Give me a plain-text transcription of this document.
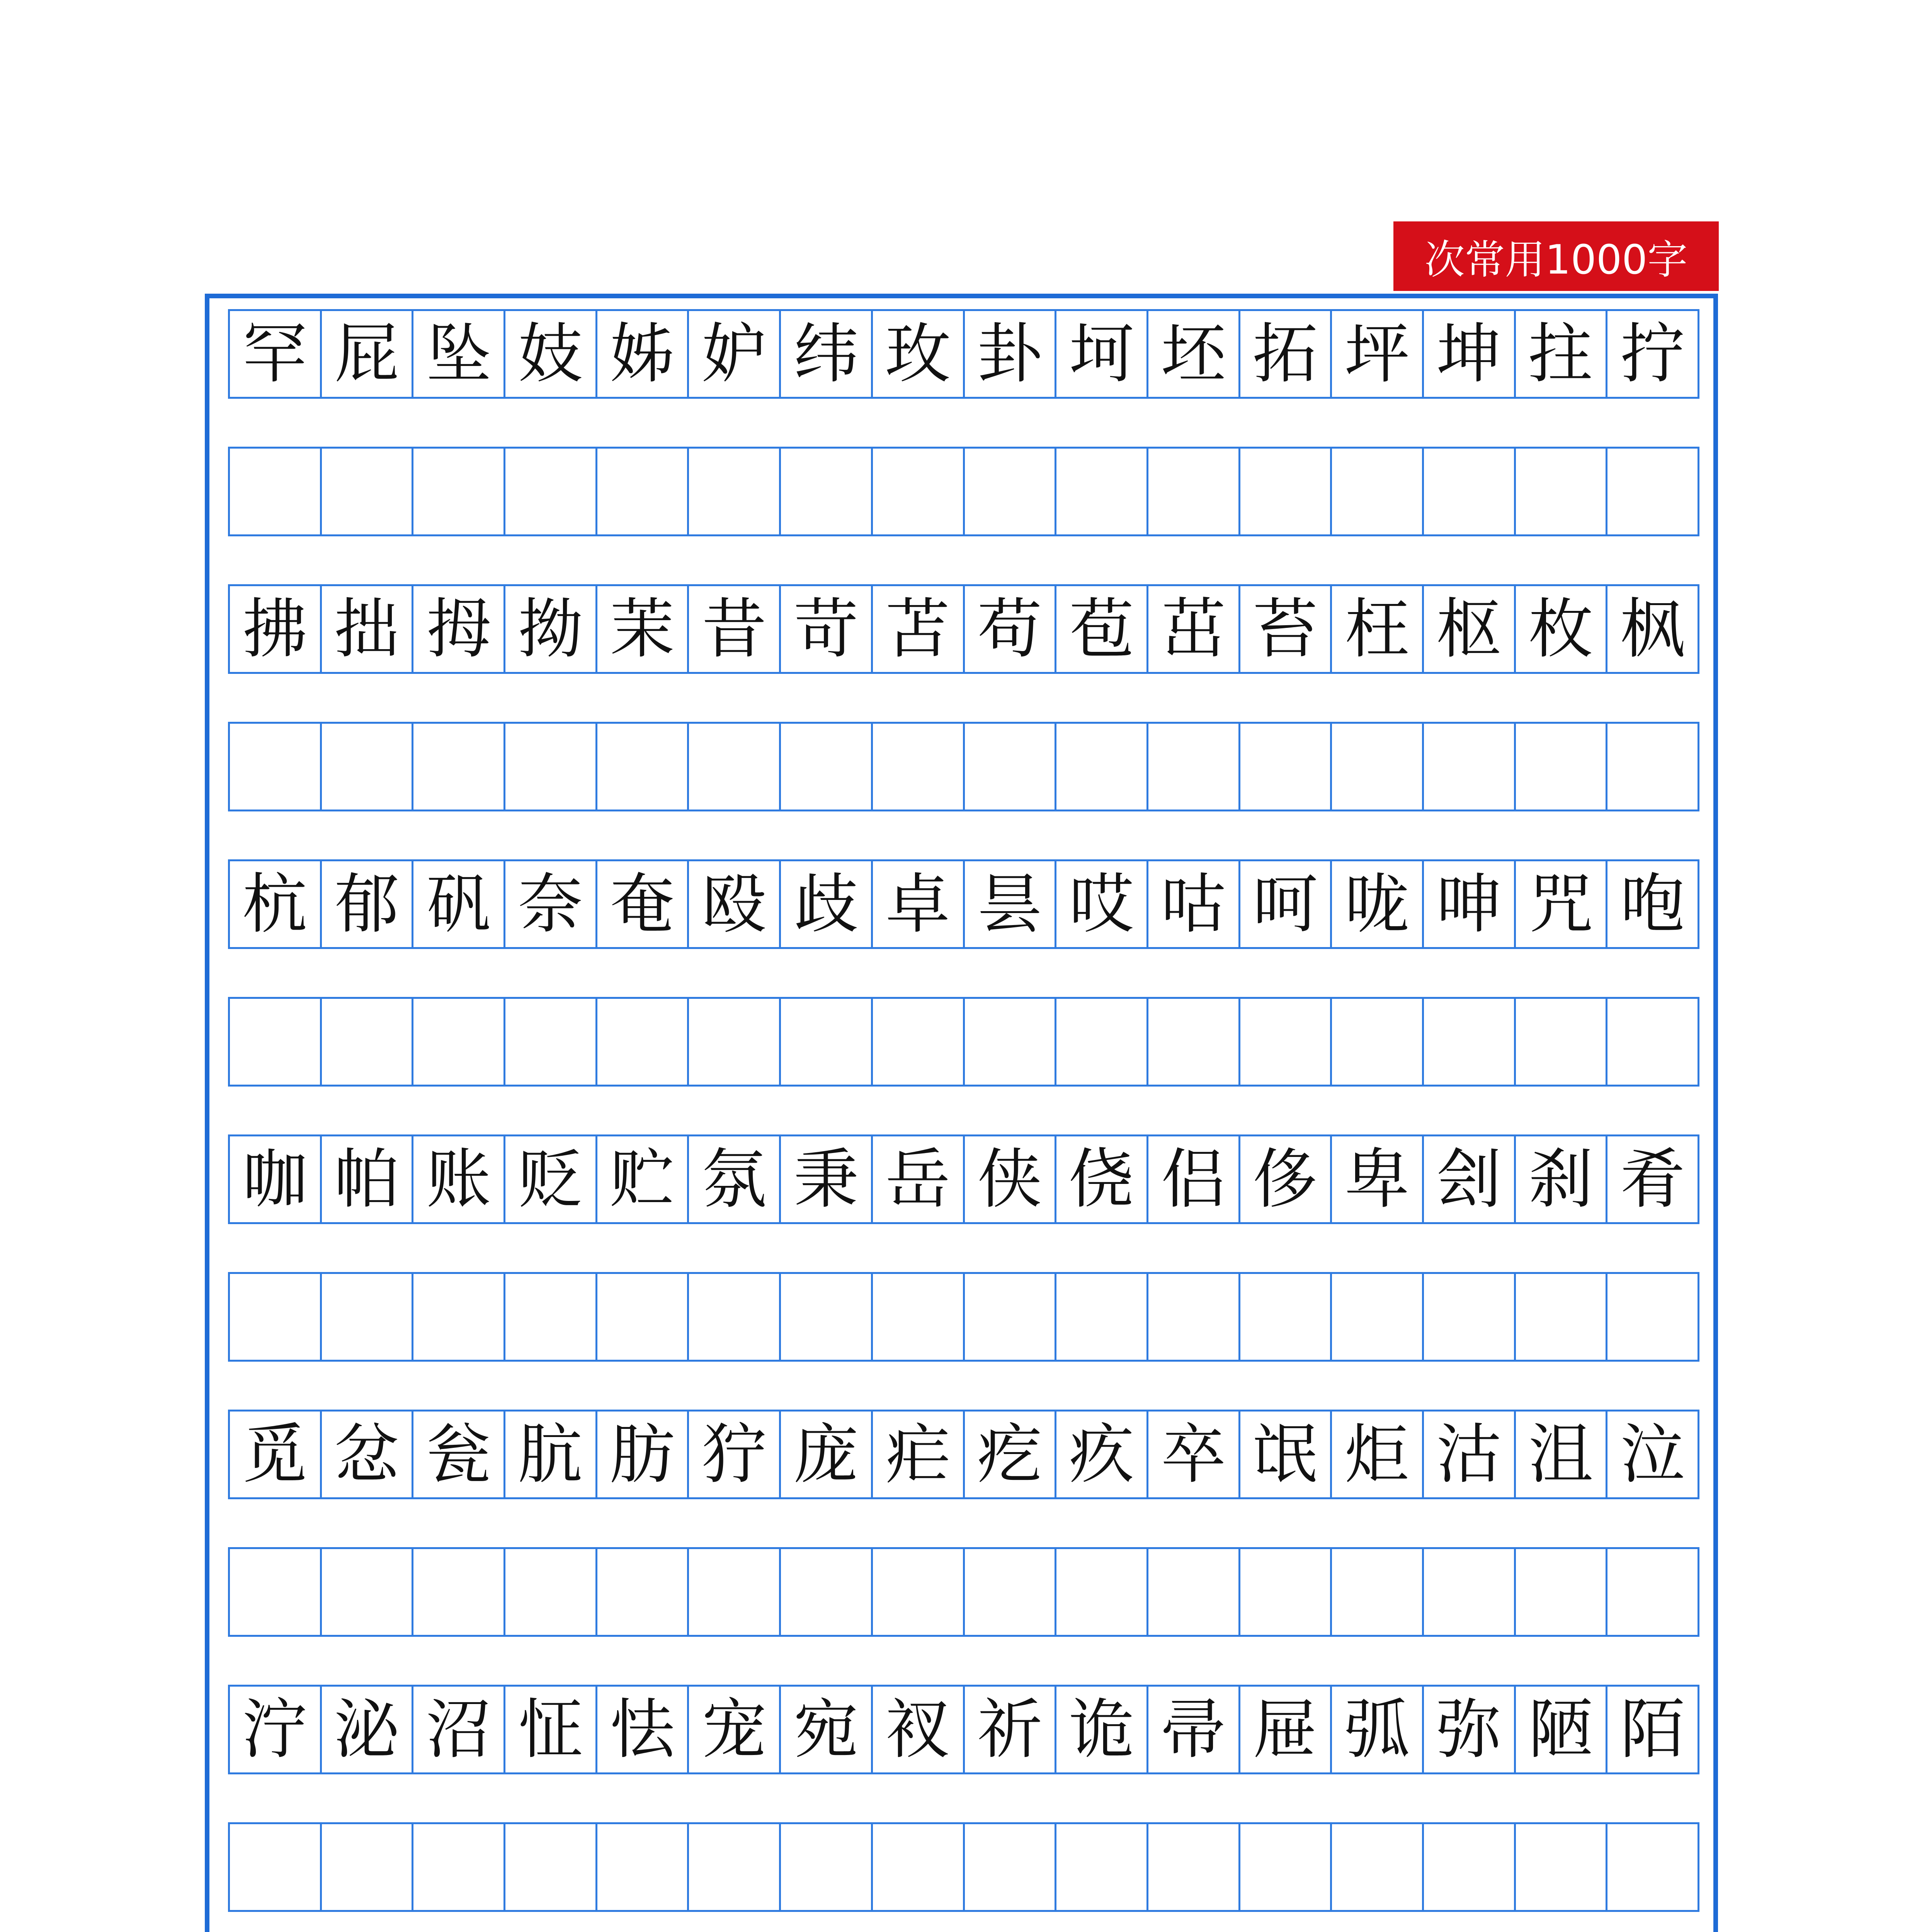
次常用1000字
罕 屁 坠 妓 姊 妒 纬 玫 卦 坷 坯 拓 坪 坤 拄 拧
拂 拙 拇 拗 茉 昔 苛 苫 苟 苞 茁 苔 枉 枢 枚 枫
杭 郁 矾 奈 奄 殴 歧 卓 昙 哎 咕 呵 咙 呻 咒 咆
咖 帕 账 贬 贮 氛 秉 岳 侠 侥 侣 侈 卑 刽 刹 肴
觅 忿 瓮 肮 肪 狞 庞 疟 疙 疚 卒 氓 炬 沽 沮 泣
泞 泌 沼 怔 怯 宠 宛 衩 祈 诡 帚 屉 弧 弥 陋 陌
